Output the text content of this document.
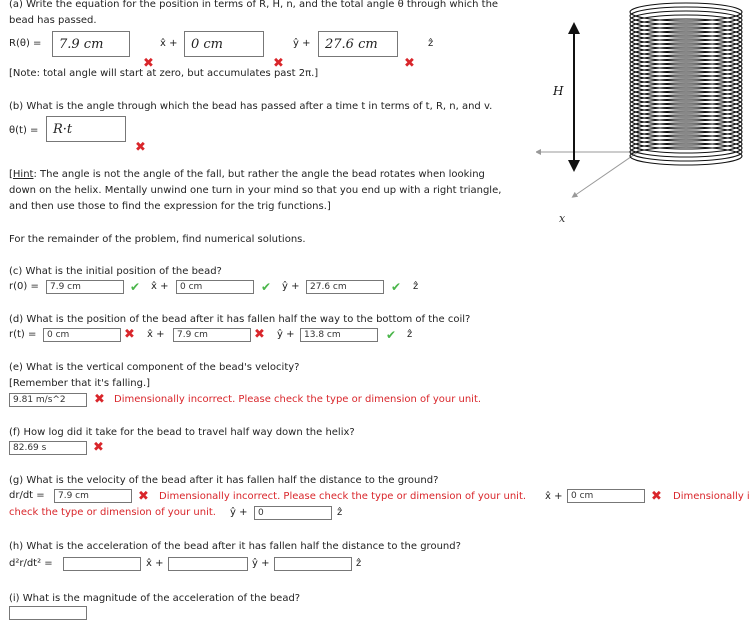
(a) Write the equation for the position in terms of R, H, n, and the total angle θ through which the
bead has passed.
R(θ) =	7.9 cm	x̂ +	0 cm	ŷ +	27.6 cm	ẑ
✖	✖	✖
[Note: total angle will start at zero, but accumulates past 2π.]
(b) What is the angle through which the bead has passed after a time t in terms of t, R, n, and v.
θ(t) =	R·t
✖
[Hint: The angle is not the angle of the fall, but rather the angle the bead rotates when looking
down on the helix. Mentally unwind one turn in your mind so that you end up with a right triangle,
and then use those to find the expression for the trig functions.]
For the remainder of the problem, find numerical solutions.
(c) What is the initial position of the bead?
r(0) =	7.9 cm	✔ x̂ +	0 cm	✔ ŷ +	27.6 cm	✔ ẑ
(d) What is the position of the bead after it has fallen half the way to the bottom of the coil?
r(t) =	0 cm	✖ x̂ +	7.9 cm	✖ ŷ +	13.8 cm	✔ ẑ
(e) What is the vertical component of the bead's velocity?
[Remember that it's falling.]
9.81 m/s^2	✖ Dimensionally incorrect. Please check the type or dimension of your unit.
(f) How log did it take for the bead to travel half way down the helix?
82.69 s	✖
(g) What is the velocity of the bead after it has fallen half the distance to the ground?
dr/dt =	7.9 cm	✖ Dimensionally incorrect. Please check the type or dimension of your unit. x̂ + 0 cm	✖ Dimensionally i
check the type or dimension of your unit. ŷ +	0	ẑ
(h) What is the acceleration of the bead after it has fallen half the distance to the ground?
d²r/dt² =	x̂ +	ŷ +	ẑ
(i) What is the magnitude of the acceleration of the bead?
H
x
